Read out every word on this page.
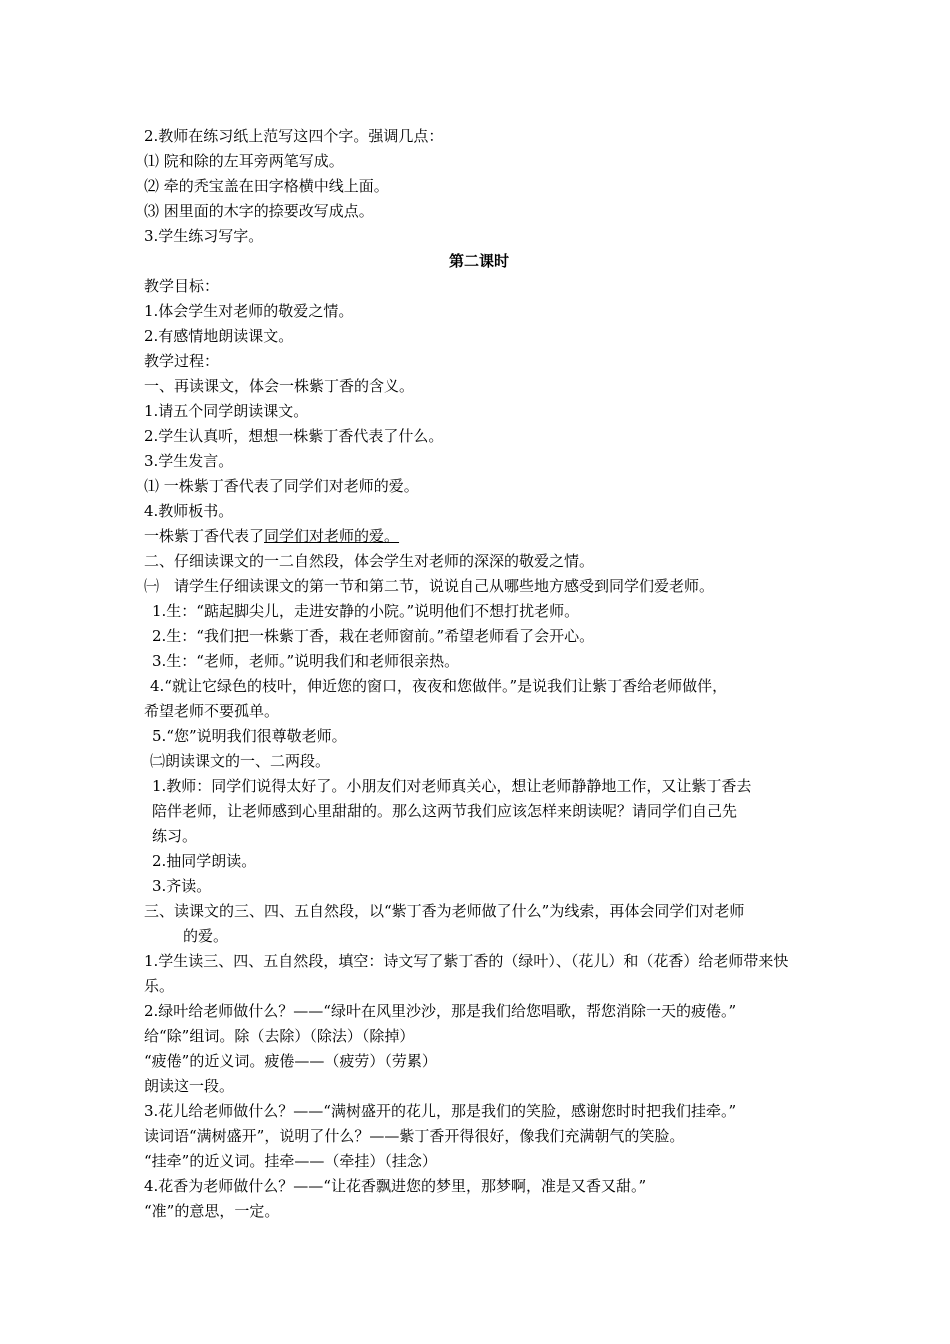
2.教师在练习纸上范写这四个字。强调几点：
⑴ 院和除的左耳旁两笔写成。
⑵ 牵的秃宝盖在田字格横中线上面。
⑶ 困里面的木字的捺要改写成点。
3.学生练习写字。
第二课时
教学目标：
1.体会学生对老师的敬爱之情。
2.有感情地朗读课文。
教学过程：
一、再读课文，体会一株紫丁香的含义。
1.请五个同学朗读课文。
2.学生认真听，想想一株紫丁香代表了什么。
3.学生发言。
⑴ 一株紫丁香代表了同学们对老师的爱。
4.教师板书。
一株紫丁香代表了同学们对老师的爱。
二、仔细读课文的一二自然段，体会学生对老师的深深的敬爱之情。
㈠　请学生仔细读课文的第一节和第二节，说说自己从哪些地方感受到同学们爱老师。
1.生：“踮起脚尖儿，走进安静的小院。”说明他们不想打扰老师。
2.生：“我们把一株紫丁香，栽在老师窗前。”希望老师看了会开心。
3.生：“老师，老师。”说明我们和老师很亲热。
4.“就让它绿色的枝叶，伸近您的窗口，夜夜和您做伴。”是说我们让紫丁香给老师做伴，
希望老师不要孤单。
5.“您”说明我们很尊敬老师。
㈡朗读课文的一、二两段。
1.教师：同学们说得太好了。小朋友们对老师真关心，想让老师静静地工作，又让紫丁香去
陪伴老师，让老师感到心里甜甜的。那么这两节我们应该怎样来朗读呢？请同学们自己先
练习。
2.抽同学朗读。
3.齐读。
三、读课文的三、四、五自然段，以“紫丁香为老师做了什么”为线索，再体会同学们对老师
的爱。
1.学生读三、四、五自然段，填空：诗文写了紫丁香的（绿叶）、（花儿）和（花香）给老师带来快
乐。
2.绿叶给老师做什么？——“绿叶在风里沙沙，那是我们给您唱歌，帮您消除一天的疲倦。”
给“除”组词。除（去除）（除法）（除掉）
“疲倦”的近义词。疲倦——（疲劳）（劳累）
朗读这一段。
3.花儿给老师做什么？——“满树盛开的花儿，那是我们的笑脸，感谢您时时把我们挂牵。”
读词语“满树盛开”，说明了什么？——紫丁香开得很好，像我们充满朝气的笑脸。
“挂牵”的近义词。挂牵——（牵挂）（挂念）
4.花香为老师做什么？——“让花香飘进您的梦里，那梦啊，准是又香又甜。”
“准”的意思，一定。
